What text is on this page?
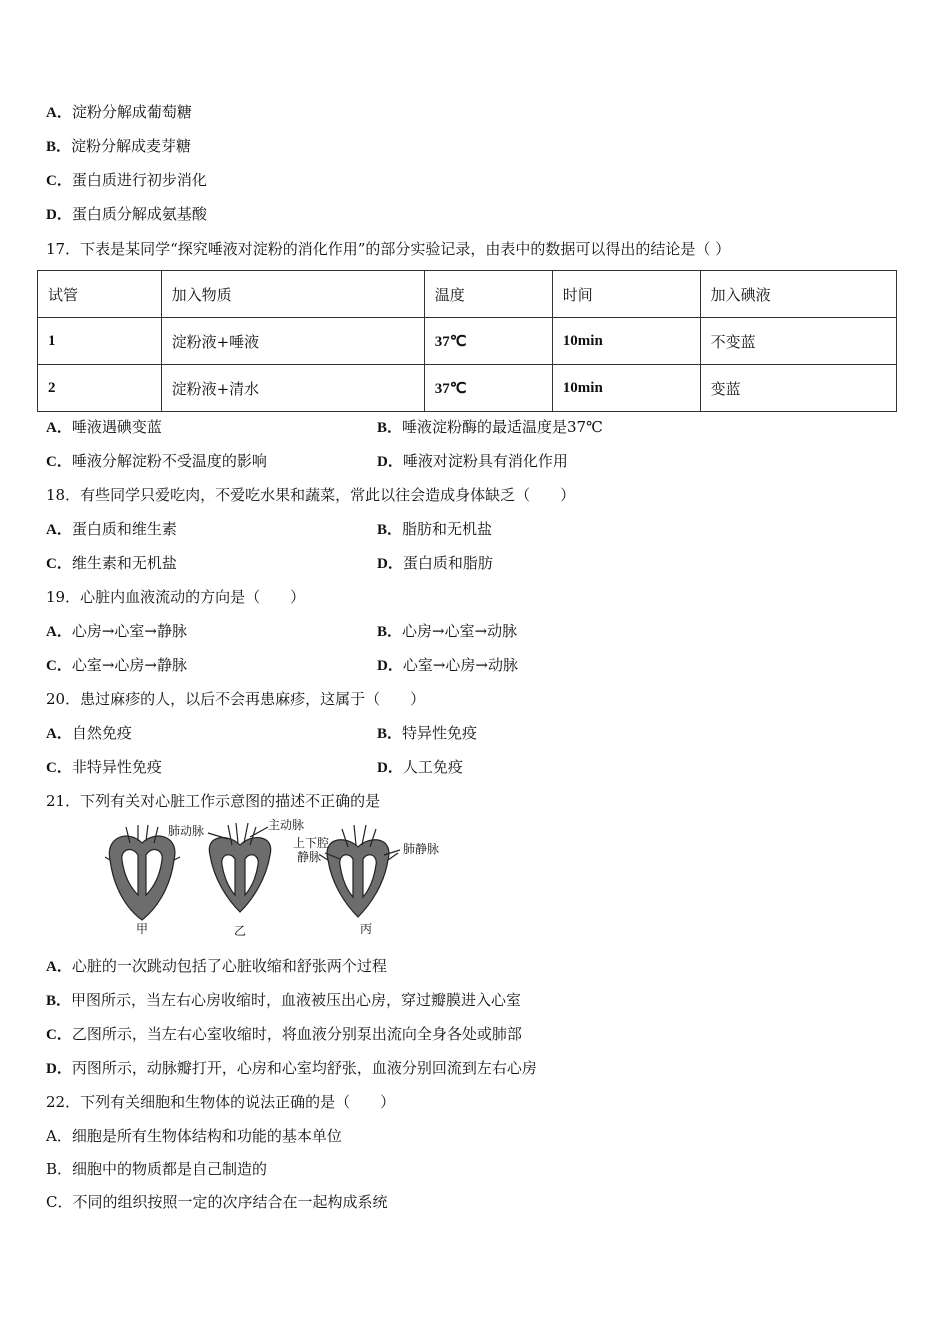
A．淀粉分解成葡萄糖
B．淀粉分解成麦芽糖
C．蛋白质进行初步消化
D．蛋白质分解成氨基酸
17．下表是某同学“探究唾液对淀粉的消化作用”的部分实验记录，由表中的数据可以得出的结论是（ ）
试管	加入物质	温度	时间	加入碘液
1	淀粉液+唾液	37℃	10min	不变蓝
2	淀粉液+清水	37℃	10min	变蓝
A．唾液遇碘变蓝	B．唾液淀粉酶的最适温度是37℃
C．唾液分解淀粉不受温度的影响	D．唾液对淀粉具有消化作用
18．有些同学只爱吃肉，不爱吃水果和蔬菜，常此以往会造成身体缺乏（　　）
A．蛋白质和维生素	B．脂肪和无机盐
C．维生素和无机盐	D．蛋白质和脂肪
19．心脏内血液流动的方向是（　　）
A．心房→心室→静脉	B．心房→心室→动脉
C．心室→心房→静脉	D．心室→心房→动脉
20．患过麻疹的人，以后不会再患麻疹，这属于（　　）
A．自然免疫	B．特异性免疫
C．非特异性免疫	D．人工免疫
21．下列有关对心脏工作示意图的描述不正确的是
肺动脉	主动脉
上下腔
静脉
肺静脉
甲	乙	丙
A．心脏的一次跳动包括了心脏收缩和舒张两个过程
B．甲图所示，当左右心房收缩时，血液被压出心房，穿过瓣膜进入心室
C．乙图所示，当左右心室收缩时，将血液分别泵出流向全身各处或肺部
D．丙图所示，动脉瓣打开，心房和心室均舒张，血液分别回流到左右心房
22．下列有关细胞和生物体的说法正确的是（　　）
A．细胞是所有生物体结构和功能的基本单位
B．细胞中的物质都是自己制造的
C．不同的组织按照一定的次序结合在一起构成系统
